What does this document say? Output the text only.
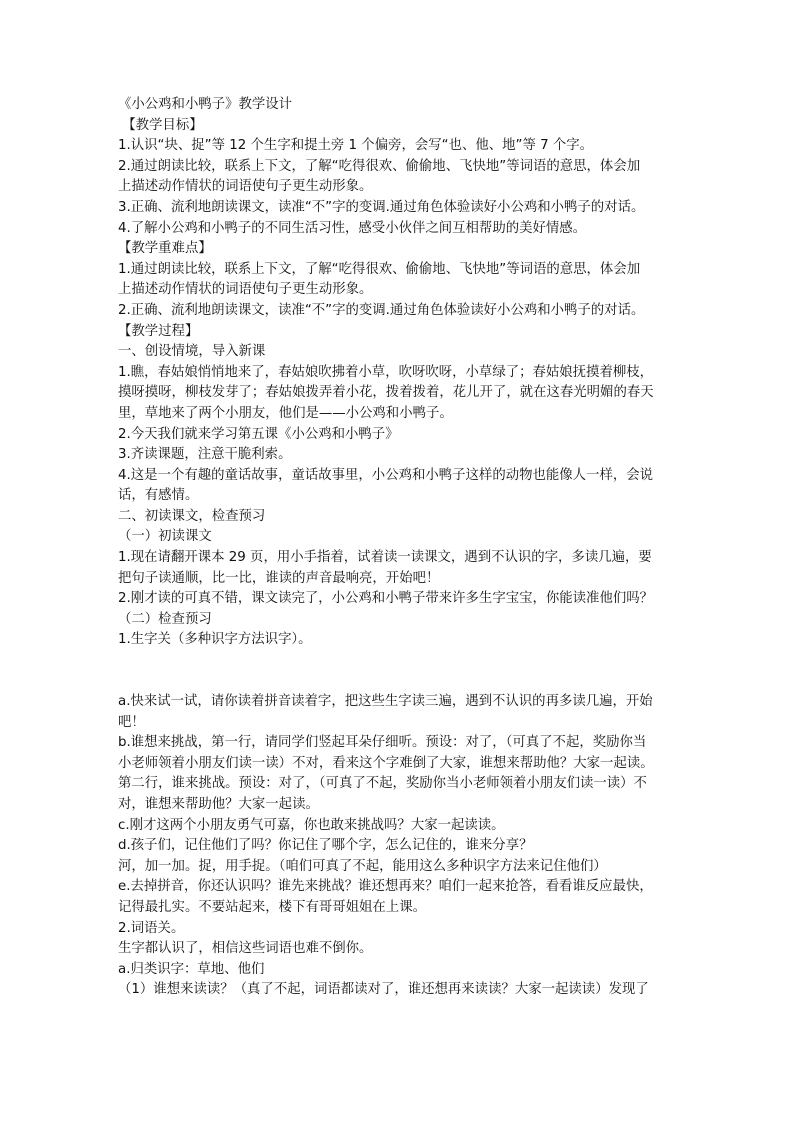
《小公鸡和小鸭子》教学设计
【教学目标】
1.认识“块、捉”等 12 个生字和提土旁 1 个偏旁，会写“也、他、地”等 7 个字。
2.通过朗读比较，联系上下文，了解“吃得很欢、偷偷地、飞快地”等词语的意思，体会加
上描述动作情状的词语使句子更生动形象。
3.正确、流利地朗读课文，读准“不”字的变调.通过角色体验读好小公鸡和小鸭子的对话。
4.了解小公鸡和小鸭子的不同生活习性，感受小伙伴之间互相帮助的美好情感。
【教学重难点】
1.通过朗读比较，联系上下文，了解“吃得很欢、偷偷地、飞快地”等词语的意思，体会加
上描述动作情状的词语使句子更生动形象。
2.正确、流利地朗读课文，读准“不”字的变调.通过角色体验读好小公鸡和小鸭子的对话。
【教学过程】
一、创设情境，导入新课
1.瞧，春姑娘悄悄地来了，春姑娘吹拂着小草，吹呀吹呀，小草绿了；春姑娘抚摸着柳枝，
摸呀摸呀，柳枝发芽了；春姑娘拨弄着小花，拨着拨着，花儿开了，就在这春光明媚的春天
里，草地来了两个小朋友，他们是——小公鸡和小鸭子。
2.今天我们就来学习第五课《小公鸡和小鸭子》
3.齐读课题，注意干脆利索。
4.这是一个有趣的童话故事，童话故事里，小公鸡和小鸭子这样的动物也能像人一样，会说
话，有感情。
二、初读课文，检查预习
（一）初读课文
1.现在请翻开课本 29 页，用小手指着，试着读一读课文，遇到不认识的字，多读几遍，要
把句子读通顺，比一比，谁读的声音最响亮，开始吧！
2.刚才读的可真不错，课文读完了，小公鸡和小鸭子带来许多生字宝宝，你能读准他们吗？
（二）检查预习
1.生字关（多种识字方法识字）。
a.快来试一试，请你读着拼音读着字，把这些生字读三遍，遇到不认识的再多读几遍，开始
吧！
b.谁想来挑战，第一行，请同学们竖起耳朵仔细听。预设：对了，（可真了不起，奖励你当
小老师领着小朋友们读一读）不对，看来这个字难倒了大家，谁想来帮助他？大家一起读。
第二行，谁来挑战。预设：对了，（可真了不起，奖励你当小老师领着小朋友们读一读）不
对，谁想来帮助他？大家一起读。
c.刚才这两个小朋友勇气可嘉，你也敢来挑战吗？大家一起读读。
d.孩子们，记住他们了吗？你记住了哪个字，怎么记住的，谁来分享？
河，加一加。捉，用手捉。（咱们可真了不起，能用这么多种识字方法来记住他们）
e.去掉拼音，你还认识吗？谁先来挑战？谁还想再来？咱们一起来抢答，看看谁反应最快，
记得最扎实。不要站起来，楼下有哥哥姐姐在上课。
2.词语关。
生字都认识了，相信这些词语也难不倒你。
a.归类识字：草地、他们
（1）谁想来读读？（真了不起，词语都读对了，谁还想再来读读？大家一起读读）发现了
